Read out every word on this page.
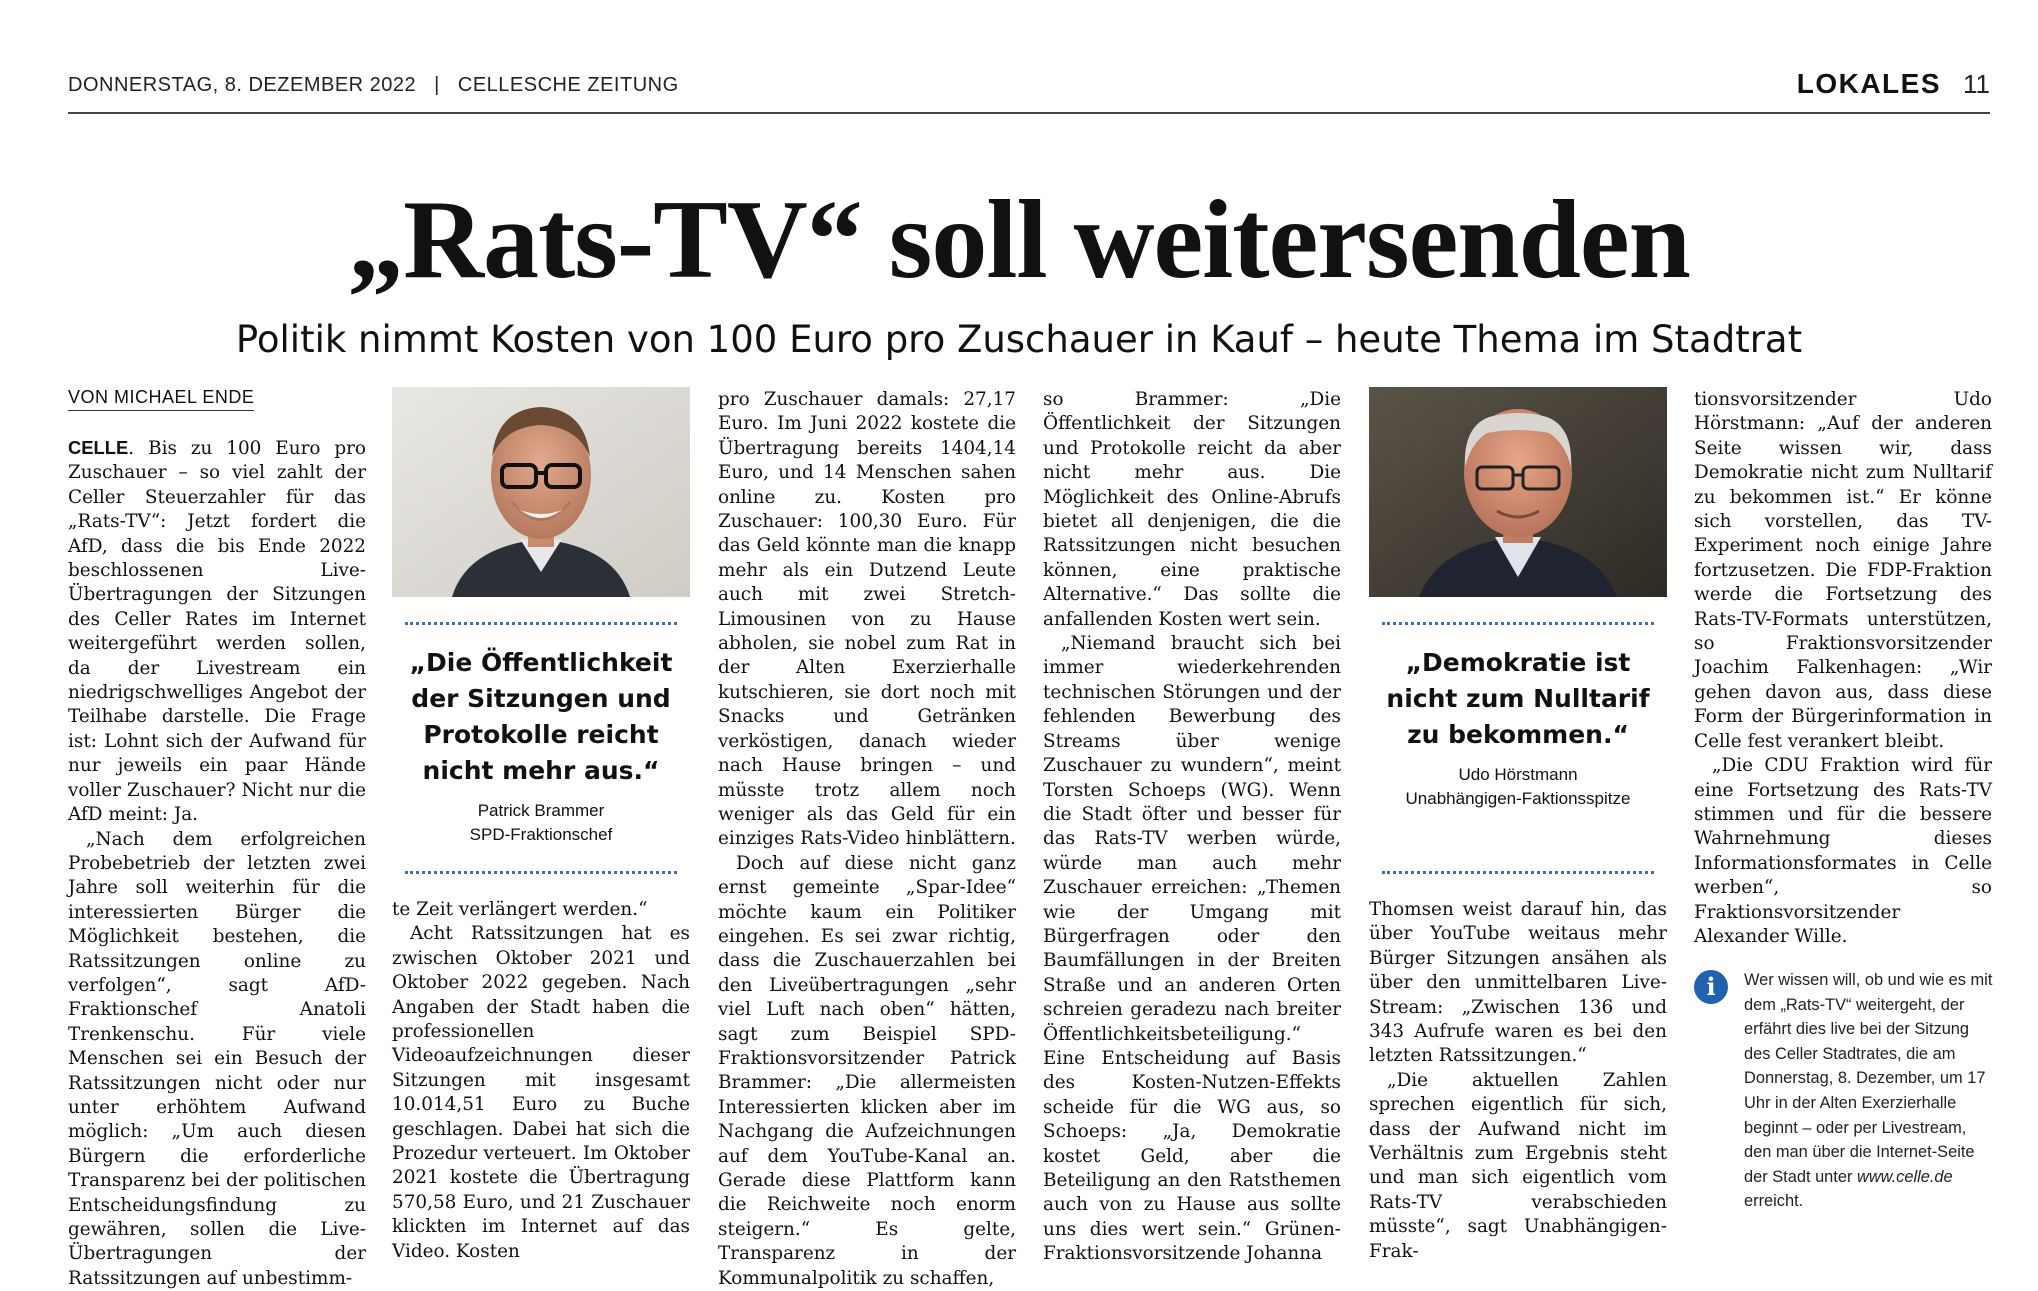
DONNERSTAG, 8. DEZEMBER 2022 | CELLESCHE ZEITUNG	LOKALES 11
„Rats-TV“ soll weitersenden
Politik nimmt Kosten von 100 Euro pro Zuschauer in Kauf – heute Thema im Stadtrat
VON MICHAEL ENDE

CELLE. Bis zu 100 Euro pro Zuschauer – so viel zahlt der Celler Steuerzahler für das „Rats-TV“: Jetzt fordert die AfD, dass die bis Ende 2022 beschlossenen Live-Übertragungen der Sitzungen des Celler Rates im Internet weitergeführt werden sollen, da der Livestream ein niedrigschwelliges Angebot der Teilhabe darstelle. Die Frage ist: Lohnt sich der Aufwand für nur jeweils ein paar Hände voller Zuschauer? Nicht nur die AfD meint: Ja.

„Nach dem erfolgreichen Probebetrieb der letzten zwei Jahre soll weiterhin für die interessierten Bürger die Möglichkeit bestehen, die Ratssitzungen online zu verfolgen“, sagt AfD-Fraktionschef Anatoli Trenkenschu. Für viele Menschen sei ein Besuch der Ratssitzungen nicht oder nur unter erhöhtem Aufwand möglich: „Um auch diesen Bürgern die erforderliche Transparenz bei der politischen Entscheidungsfindung zu gewähren, sollen die Live-Übertragungen der Ratssitzungen auf unbestimm-

„Die Öffentlichkeit der Sitzungen und Protokolle reicht nicht mehr aus.“

Patrick Brammer
SPD-Fraktionschef

te Zeit verlängert werden.“

Acht Ratssitzungen hat es zwischen Oktober 2021 und Oktober 2022 gegeben. Nach Angaben der Stadt haben die professionellen Videoaufzeichnungen dieser Sitzungen mit insgesamt 10.014,51 Euro zu Buche geschlagen. Dabei hat sich die Prozedur verteuert. Im Oktober 2021 kostete die Übertragung 570,58 Euro, und 21 Zuschauer klickten im Internet auf das Video. Kosten

pro Zuschauer damals: 27,17 Euro. Im Juni 2022 kostete die Übertragung bereits 1404,14 Euro, und 14 Menschen sahen online zu. Kosten pro Zuschauer: 100,30 Euro. Für das Geld könnte man die knapp mehr als ein Dutzend Leute auch mit zwei Stretch-Limousinen von zu Hause abholen, sie nobel zum Rat in der Alten Exerzierhalle kutschieren, sie dort noch mit Snacks und Getränken verköstigen, danach wieder nach Hause bringen – und müsste trotz allem noch weniger als das Geld für ein einziges Rats-Video hinblättern.

Doch auf diese nicht ganz ernst gemeinte „Spar-Idee“ möchte kaum ein Politiker eingehen. Es sei zwar richtig, dass die Zuschauerzahlen bei den Liveübertragungen „sehr viel Luft nach oben“ hätten, sagt zum Beispiel SPD-Fraktionsvorsitzender Patrick Brammer: „Die allermeisten Interessierten klicken aber im Nachgang die Aufzeichnungen auf dem YouTube-Kanal an. Gerade diese Plattform kann die Reichweite noch enorm steigern.“ Es gelte, Transparenz in der Kommunalpolitik zu schaffen,

so Brammer: „Die Öffentlichkeit der Sitzungen und Protokolle reicht da aber nicht mehr aus. Die Möglichkeit des Online-Abrufs bietet all denjenigen, die die Ratssitzungen nicht besuchen können, eine praktische Alternative.“ Das sollte die anfallenden Kosten wert sein.

„Niemand braucht sich bei immer wiederkehrenden technischen Störungen und der fehlenden Bewerbung des Streams über wenige Zuschauer zu wundern“, meint Torsten Schoeps (WG). Wenn die Stadt öfter und besser für das Rats-TV werben würde, würde man auch mehr Zuschauer erreichen: „Themen wie der Umgang mit Bürgerfragen oder den Baumfällungen in der Breiten Straße und an anderen Orten schreien geradezu nach breiter Öffentlichkeitsbeteiligung.“ Eine Entscheidung auf Basis des Kosten-Nutzen-Effekts scheide für die WG aus, so Schoeps: „Ja, Demokratie kostet Geld, aber die Beteiligung an den Ratsthemen auch von zu Hause aus sollte uns dies wert sein.“ Grünen-Fraktionsvorsitzende Johanna

„Demokratie ist nicht zum Nulltarif zu bekommen.“

Udo Hörstmann
Unabhängigen-Faktionsspitze

Thomsen weist darauf hin, das über YouTube weitaus mehr Bürger Sitzungen ansähen als über den unmittelbaren Live-Stream: „Zwischen 136 und 343 Aufrufe waren es bei den letzten Ratssitzungen.“

„Die aktuellen Zahlen sprechen eigentlich für sich, dass der Aufwand nicht im Verhältnis zum Ergebnis steht und man sich eigentlich vom Rats-TV verabschieden müsste“, sagt Unabhängigen-Frak-

tionsvorsitzender Udo Hörstmann: „Auf der anderen Seite wissen wir, dass Demokratie nicht zum Nulltarif zu bekommen ist.“ Er könne sich vorstellen, das TV-Experiment noch einige Jahre fortzusetzen. Die FDP-Fraktion werde die Fortsetzung des Rats-TV-Formats unterstützen, so Fraktionsvorsitzender Joachim Falkenhagen: „Wir gehen davon aus, dass diese Form der Bürgerinformation in Celle fest verankert bleibt.

„Die CDU Fraktion wird für eine Fortsetzung des Rats-TV stimmen und für die bessere Wahrnehmung dieses Informationsformates in Celle werben“, so Fraktionsvorsitzender Alexander Wille.

i	Wer wissen will, ob und wie es mit dem „Rats-TV“ weitergeht, der erfährt dies live bei der Sitzung des Celler Stadtrates, die am Donnerstag, 8. Dezember, um 17 Uhr in der Alten Exerzierhalle beginnt – oder per Livestream, den man über die Internet-Seite der Stadt unter www.celle.de erreicht.
